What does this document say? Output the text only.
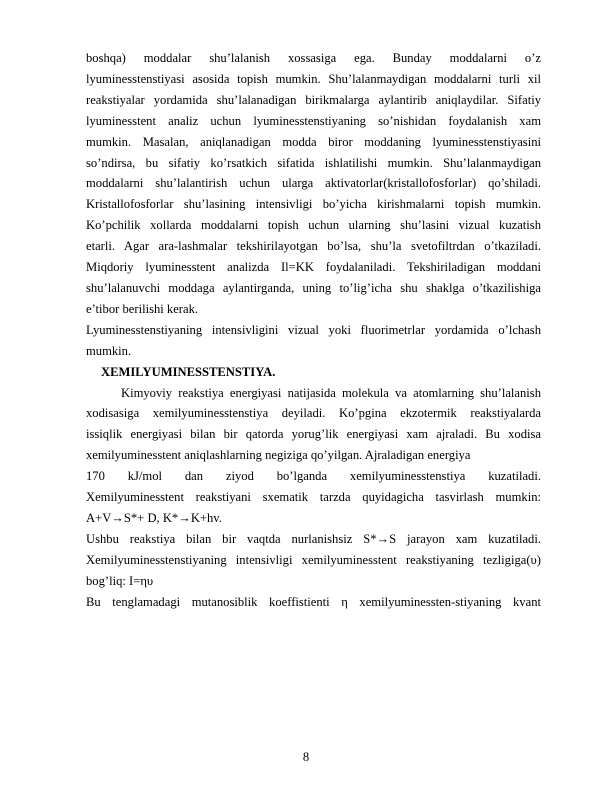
boshqa) moddalar shu’lalanish xossasiga ega. Bunday moddalarni o’z

lyuminesstenstiyasi asosida topish mumkin. Shu’lalanmaydigan moddalarni turli xil

reakstiyalar yordamida shu’lalanadigan birikmalarga aylantirib aniqlaydilar. Sifatiy

lyuminesstent analiz uchun lyuminesstenstiyaning so’nishidan foydalanish xam

mumkin. Masalan, aniqlanadigan modda biror moddaning lyuminesstenstiyasini

so’ndirsa, bu sifatiy ko’rsatkich sifatida ishlatilishi mumkin. Shu’lalanmaydigan

moddalarni shu’lalantirish uchun ularga aktivatorlar(kristallofosforlar) qo’shiladi.

Kristallofosforlar shu’lasining intensivligi bo’yicha kirishmalarni topish mumkin.

Ko’pchilik xollarda moddalarni topish uchun ularning shu’lasini vizual kuzatish

etarli. Agar ara-lashmalar tekshirilayotgan bo’lsa, shu’la svetofiltrdan o’tkaziladi.

Miqdoriy lyuminesstent analizda Il=KK foydalaniladi. Tekshiriladigan moddani

shu’lalanuvchi moddaga aylantirganda, uning to’lig’icha shu shaklga o’tkazilishiga

e’tibor berilishi kerak.

Lyuminesstenstiyaning intensivligini vizual yoki fluorimetrlar yordamida o’lchash

mumkin.

XEMILYUMINESSTENSTIYA.

Kimyoviy reakstiya energiyasi natijasida molekula va atomlarning shu’lalanish

xodisasiga xemilyuminesstenstiya deyiladi. Ko’pgina ekzotermik reakstiyalarda

issiqlik energiyasi bilan bir qatorda yorug’lik energiyasi xam ajraladi. Bu xodisa

xemilyuminesstent aniqlashlarning negiziga qo’yilgan. Ajraladigan energiya

170 kJ/mol dan ziyod bo’lganda xemilyuminesstenstiya kuzatiladi.

Xemilyuminesstent reakstiyani sxematik tarzda quyidagicha tasvirlash mumkin:

A+V→S*+ D, K*→K+hv.

Ushbu reakstiya bilan bir vaqtda nurlanishsiz S*→S jarayon xam kuzatiladi.

Xemilyuminesstenstiyaning intensivligi xemilyuminesstent reakstiyaning tezligiga(υ)

bog’liq: I=ηυ

Bu tenglamadagi mutanosiblik koeffistienti η xemilyuminessten-stiyaning kvant

8
